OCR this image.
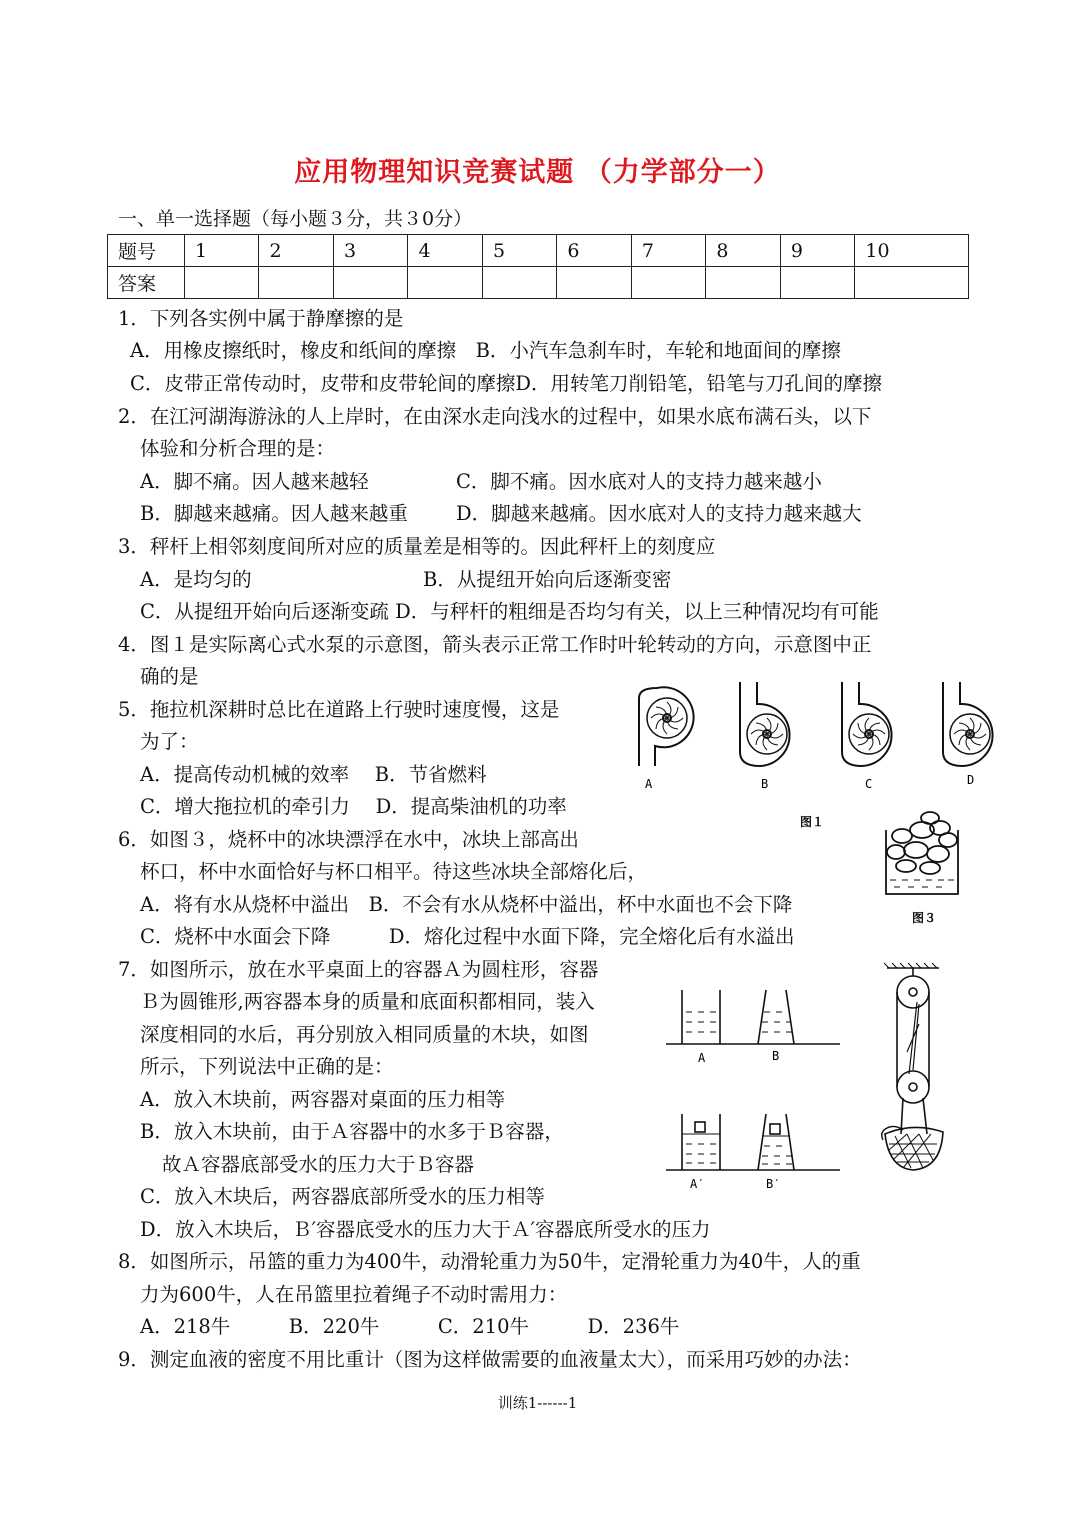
应用物理知识竞赛试题 （力学部分一）
一、单一选择题（每小题３分，共３0分）
题号	1	2	3	4	5	6	7	8	9	10
答案										
1．下列各实例中属于静摩擦的是
A．用橡皮擦纸时，橡皮和纸间的摩擦　B．小汽车急刹车时，车轮和地面间的摩擦
C．皮带正常传动时，皮带和皮带轮间的摩擦D．用转笔刀削铅笔，铅笔与刀孔间的摩擦
2．在江河湖海游泳的人上岸时，在由深水走向浅水的过程中，如果水底布满石头，以下
体验和分析合理的是：
A．脚不痛。因人越来越轻	C．脚不痛。因水底对人的支持力越来越小
B．脚越来越痛。因人越来越重 D．脚越来越痛。因水底对人的支持力越来越大
3．秤杆上相邻刻度间所对应的质量差是相等的。因此秤杆上的刻度应
A．是均匀的	B．从提纽开始向后逐渐变密
C．从提纽开始向后逐渐变疏 D．与秤杆的粗细是否均匀有关，以上三种情况均有可能
4．图１是实际离心式水泵的示意图，箭头表示正常工作时叶轮转动的方向，示意图中正
确的是
5．拖拉机深耕时总比在道路上行驶时速度慢，这是
为了：
A．提高传动机械的效率　 B．节省燃料
C．增大拖拉机的牵引力　 D．提高柴油机的功率
6．如图３，烧杯中的冰块漂浮在水中，冰块上部高出
杯口，杯中水面恰好与杯口相平。待这些冰块全部熔化后，
A．将有水从烧杯中溢出　B．不会有水从烧杯中溢出，杯中水面也不会下降
C．烧杯中水面会下降　　　D．熔化过程中水面下降，完全熔化后有水溢出
7．如图所示，放在水平桌面上的容器Ａ为圆柱形，容器
Ｂ为圆锥形,两容器本身的质量和底面积都相同，装入
深度相同的水后，再分别放入相同质量的木块，如图
所示，下列说法中正确的是：
A．放入木块前，两容器对桌面的压力相等
B．放入木块前，由于Ａ容器中的水多于Ｂ容器，
故Ａ容器底部受水的压力大于Ｂ容器
C．放入木块后，两容器底部所受水的压力相等
D．放入木块后，Ｂ′容器底受水的压力大于Ａ′容器底所受水的压力
8．如图所示，吊篮的重力为400牛，动滑轮重力为50牛，定滑轮重力为40牛，人的重
力为600牛，人在吊篮里拉着绳子不动时需用力：
A．218牛　　　B．220牛　　　C．210牛　　　D．236牛
9．测定血液的密度不用比重计（图为这样做需要的血液量太大），而采用巧妙的办法：
A	B	C	D
图１
图３
A	B
A′	B′
训练1------1
